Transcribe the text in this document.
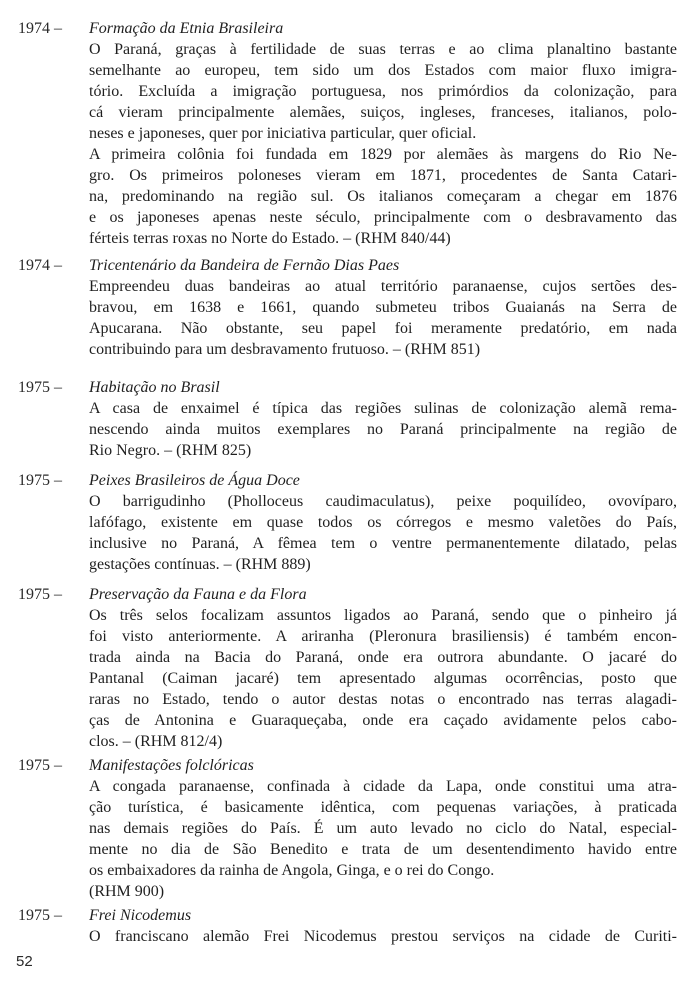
1974 – Formação da Etnia Brasileira
O Paraná, graças à fertilidade de suas terras e ao clima planaltino bastante
semelhante ao europeu, tem sido um dos Estados com maior fluxo imigra-
tório. Excluída a imigração portuguesa, nos primórdios da colonização, para
cá vieram principalmente alemães, suiços, ingleses, franceses, italianos, polo-
neses e japoneses, quer por iniciativa particular, quer oficial.
A primeira colônia foi fundada em 1829 por alemães às margens do Rio Ne-
gro. Os primeiros poloneses vieram em 1871, procedentes de Santa Catari-
na, predominando na região sul. Os italianos começaram a chegar em 1876
e os japoneses apenas neste século, principalmente com o desbravamento das
férteis terras roxas no Norte do Estado. – (RHM 840/44)
1974 – Tricentenário da Bandeira de Fernão Dias Paes
Empreendeu duas bandeiras ao atual território paranaense, cujos sertões des-
bravou, em 1638 e 1661, quando submeteu tribos Guaianás na Serra de
Apucarana. Não obstante, seu papel foi meramente predatório, em nada
contribuindo para um desbravamento frutuoso. – (RHM 851)
1975 – Habitação no Brasil
A casa de enxaimel é típica das regiões sulinas de colonização alemã rema-
nescendo ainda muitos exemplares no Paraná principalmente na região de
Rio Negro. – (RHM 825)
1975 – Peixes Brasileiros de Água Doce
O barrigudinho (Pholloceus caudimaculatus), peixe poquilídeo, ovovíparo,
lafófago, existente em quase todos os córregos e mesmo valetões do País,
inclusive no Paraná, A fêmea tem o ventre permanentemente dilatado, pelas
gestações contínuas. – (RHM 889)
1975 – Preservação da Fauna e da Flora
Os três selos focalizam assuntos ligados ao Paraná, sendo que o pinheiro já
foi visto anteriormente. A ariranha (Pleronura brasiliensis) é também encon-
trada ainda na Bacia do Paraná, onde era outrora abundante. O jacaré do
Pantanal (Caiman jacaré) tem apresentado algumas ocorrências, posto que
raras no Estado, tendo o autor destas notas o encontrado nas terras alagadi-
ças de Antonina e Guaraqueçaba, onde era caçado avidamente pelos cabo-
clos. – (RHM 812/4)
1975 – Manifestações folclóricas
A congada paranaense, confinada à cidade da Lapa, onde constitui uma atra-
ção turística, é basicamente idêntica, com pequenas variações, à praticada
nas demais regiões do País. É um auto levado no ciclo do Natal, especial-
mente no dia de São Benedito e trata de um desentendimento havido entre
os embaixadores da rainha de Angola, Ginga, e o rei do Congo.
(RHM 900)
1975 – Frei Nicodemus
O franciscano alemão Frei Nicodemus prestou serviços na cidade de Curiti-
52
